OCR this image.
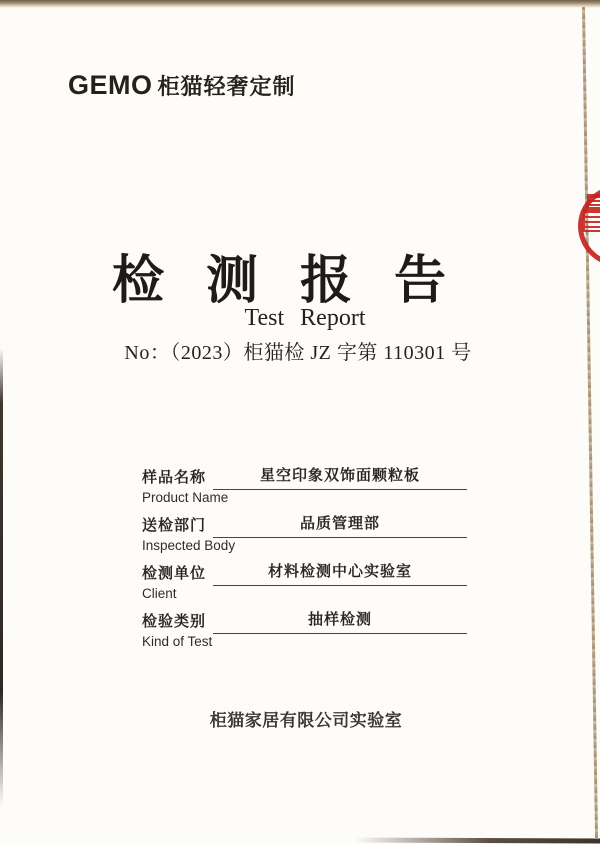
GEMO 柜猫轻奢定制
检测报告
Test Report
No：（2023）柜猫检 JZ 字第 110301 号
样品名称
Product Name
星空印象双饰面颗粒板
送检部门
Inspected Body
品质管理部
检测单位
Client
材料检测中心实验室
检验类别
Kind of Test
抽样检测
柜猫家居有限公司实验室
